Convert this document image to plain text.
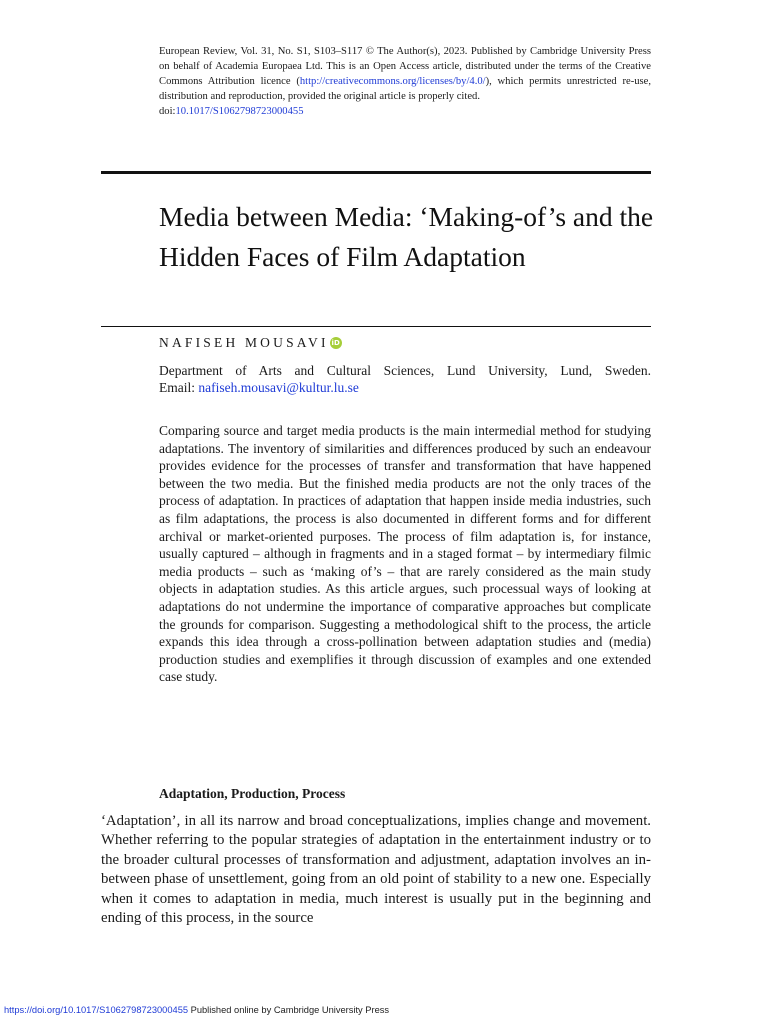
European Review, Vol. 31, No. S1, S103–S117 © The Author(s), 2023. Published by Cambridge University Press on behalf of Academia Europaea Ltd. This is an Open Access article, distributed under the terms of the Creative Commons Attribution licence (http://creativecommons.org/licenses/by/4.0/), which permits unrestricted re-use, distribution and reproduction, provided the original article is properly cited.
doi:10.1017/S1062798723000455
Media between Media: ‘Making-of’s and the Hidden Faces of Film Adaptation
NAFISEH MOUSAVI iD
Department of Arts and Cultural Sciences, Lund University, Lund, Sweden.
Email: nafiseh.mousavi@kultur.lu.se

Comparing source and target media products is the main intermedial method for studying adaptations. The inventory of similarities and differences produced by such an endeavour provides evidence for the processes of transfer and transformation that have happened between the two media. But the finished media products are not the only traces of the process of adaptation. In practices of adaptation that happen inside media industries, such as film adaptations, the process is also documented in different forms and for different archival or market-oriented purposes. The process of film adaptation is, for instance, usually captured – although in fragments and in a staged format – by intermediary filmic media products – such as ‘making of’s – that are rarely considered as the main study objects in adaptation studies. As this article argues, such processual ways of looking at adaptations do not undermine the importance of comparative approaches but complicate the grounds for comparison. Suggesting a methodological shift to the process, the article expands this idea through a cross-pollination between adaptation studies and (media) production studies and exemplifies it through discussion of examples and one extended case study.

Adaptation, Production, Process

‘Adaptation’, in all its narrow and broad conceptualizations, implies change and movement. Whether referring to the popular strategies of adaptation in the entertainment industry or to the broader cultural processes of transformation and adjustment, adaptation involves an in-between phase of unsettlement, going from an old point of stability to a new one. Especially when it comes to adaptation in media, much interest is usually put in the beginning and ending of this process, in the source

https://doi.org/10.1017/S1062798723000455 Published online by Cambridge University Press
